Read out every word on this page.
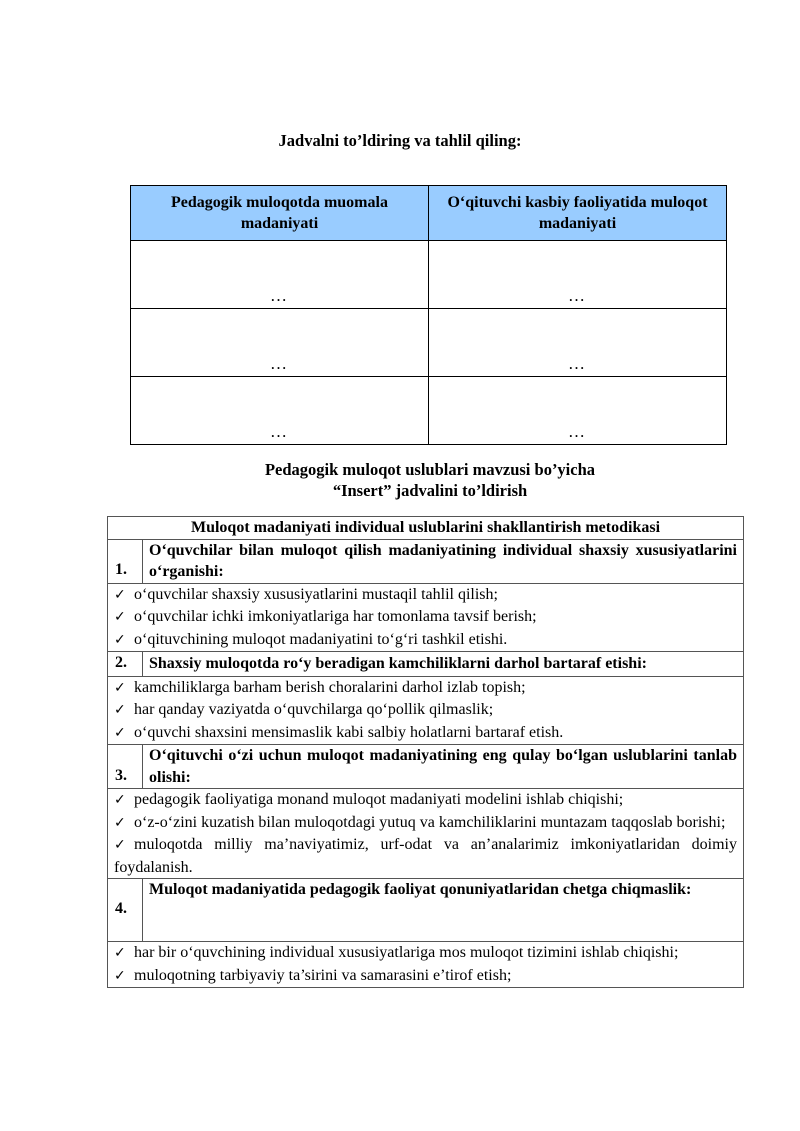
Jadvalni to’ldiring va tahlil qiling:
Pedagogik muloqotda muomala madaniyati	O‘qituvchi kasbiy faoliyatida muloqot madaniyati
…	…
…	…
…	…
Pedagogik muloqot uslublari mavzusi bo’yicha
“Insert” jadvalini to’ldirish
Muloqot madaniyati individual uslublarini shakllantirish metodikasi	
1.	O‘quvchilar bilan muloqot qilish madaniyatining individual shaxsiy xususiyatlarini o‘rganishi:

✓ o‘quvchilar shaxsiy xususiyatlarini mustaqil tahlil qilish;
✓ o‘quvchilar ichki imkoniyatlariga har tomonlama tavsif berish;
✓ o‘qituvchining muloqot madaniyatini to‘g‘ri tashkil etishi.	

2.	Shaxsiy muloqotda ro‘y beradigan kamchiliklarni darhol bartaraf etishi:

✓ kamchiliklarga barham berish choralarini darhol izlab topish;
✓ har qanday vaziyatda o‘quvchilarga qo‘pollik qilmaslik;
✓ o‘quvchi shaxsini mensimaslik kabi salbiy holatlarni bartaraf etish.	

3.	O‘qituvchi o‘zi uchun muloqot madaniyatining eng qulay bo‘lgan uslublarini tanlab olishi:

✓ pedagogik faoliyatiga monand muloqot madaniyati modelini ishlab chiqishi;
✓ o‘z-o‘zini kuzatish bilan muloqotdagi yutuq va kamchiliklarini muntazam taqqoslab borishi;
✓ muloqotda milliy ma’naviyatimiz, urf-odat va an’analarimiz imkoniyatlaridan doimiy foydalanish.	

4.	Muloqot madaniyatida pedagogik faoliyat qonuniyatlaridan chetga chiqmaslik:

✓ har bir o‘quvchining individual xususiyatlariga mos muloqot tizimini ishlab chiqishi;
✓ muloqotning tarbiyaviy ta’sirini va samarasini e’tirof etish;	
